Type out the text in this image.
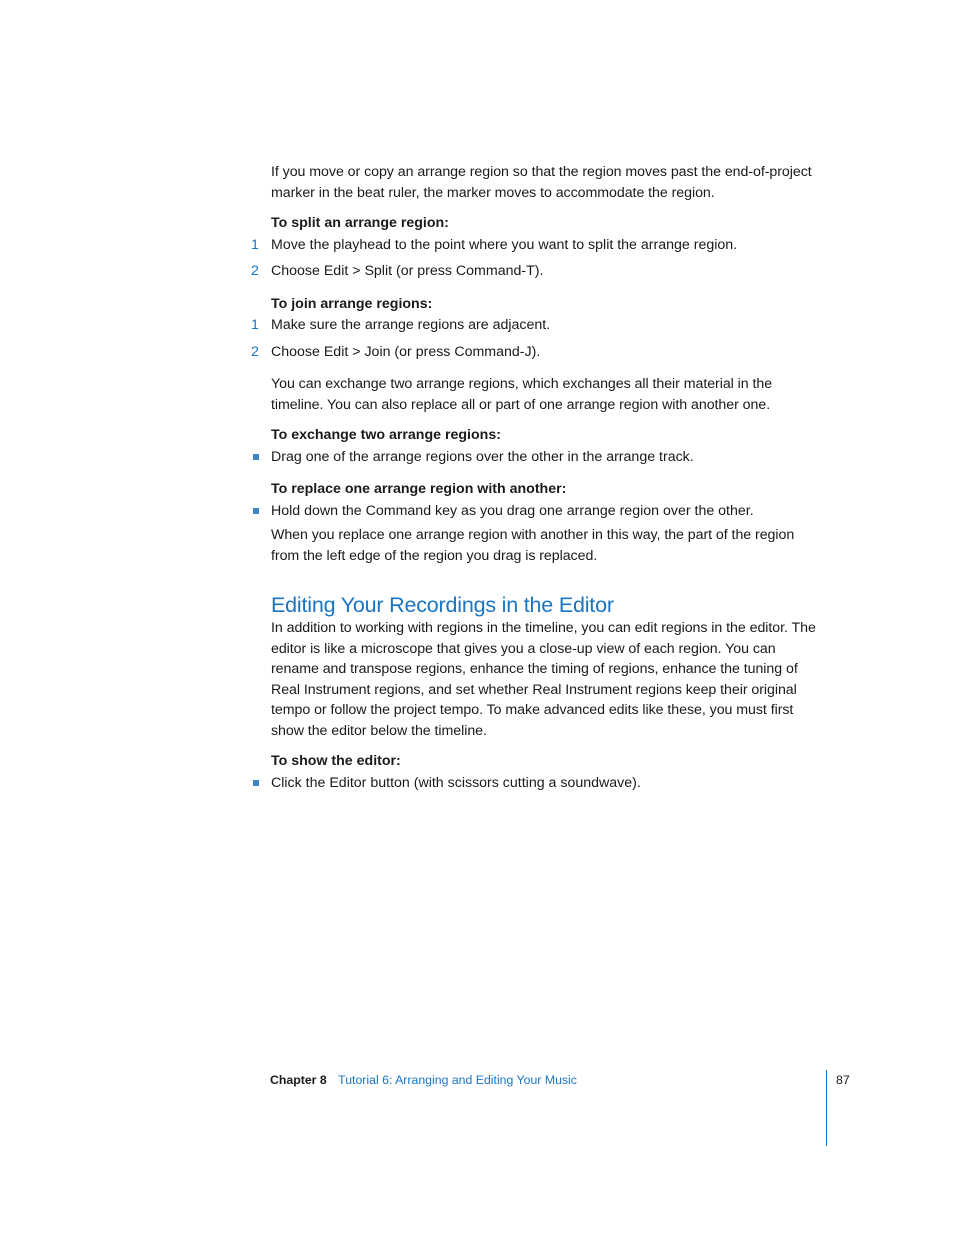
If you move or copy an arrange region so that the region moves past the end-of-project marker in the beat ruler, the marker moves to accommodate the region.

To split an arrange region:
1 Move the playhead to the point where you want to split the arrange region.
2 Choose Edit > Split (or press Command-T).
To join arrange regions:
1 Make sure the arrange regions are adjacent.
2 Choose Edit > Join (or press Command-J).

You can exchange two arrange regions, which exchanges all their material in the timeline. You can also replace all or part of one arrange region with another one.

To exchange two arrange regions:
Drag one of the arrange regions over the other in the arrange track.
To replace one arrange region with another:
Hold down the Command key as you drag one arrange region over the other.

When you replace one arrange region with another in this way, the part of the region from the left edge of the region you drag is replaced.

Editing Your Recordings in the Editor

In addition to working with regions in the timeline, you can edit regions in the editor. The editor is like a microscope that gives you a close-up view of each region. You can rename and transpose regions, enhance the timing of regions, enhance the tuning of Real Instrument regions, and set whether Real Instrument regions keep their original tempo or follow the project tempo. To make advanced edits like these, you must first show the editor below the timeline.

To show the editor:
Click the Editor button (with scissors cutting a soundwave).
Chapter 8 Tutorial 6: Arranging and Editing Your Music	87
